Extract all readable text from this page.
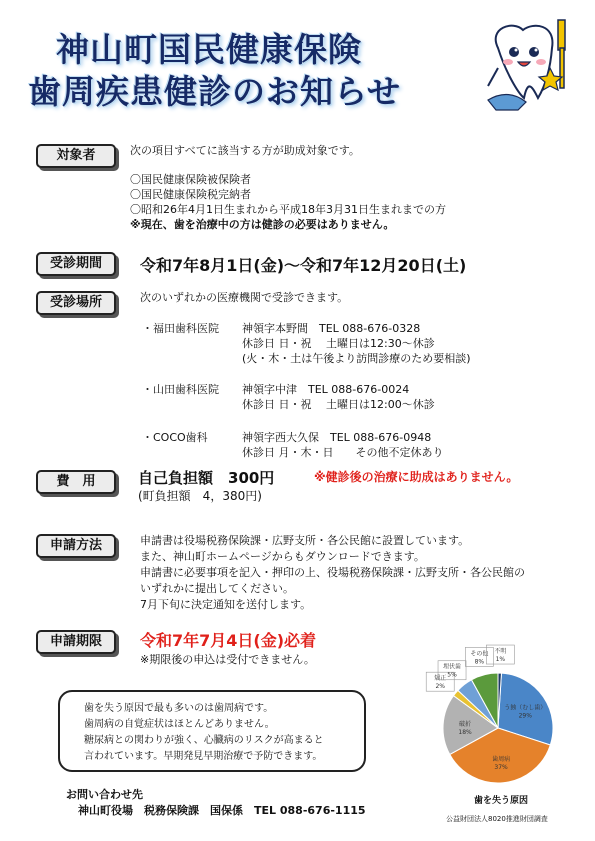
神山町国民健康保険
歯周疾患健診のお知らせ
対象者	次の項目すべてに該当する方が助成対象です。
〇国民健康保険被保険者
〇国民健康保険税完納者
〇昭和26年4月1日生まれから平成18年3月31日生まれまでの方
※現在、歯を治療中の方は健診の必要はありません。
受診期間	令和7年8月1日(金)～令和7年12月20日(土)
受診場所	次のいずれかの医療機関で受診できます。
・福田歯科医院 神領字本野間　TEL 088-676-0328
休診日 日・祝　 土曜日は12:30～休診
(火・木・土は午後より訪問診療のため要相談)
・山田歯科医院 神領字中津　TEL 088-676-0024
休診日 日・祝　 土曜日は12:00～休診
・COCO歯科	神領字西大久保　TEL 088-676-0948
休診日 月・木・日　　その他不定休あり
費　用	自己負担額　300円
(町負担額　4，380円)
※健診後の治療に助成はありません。
申請方法	申請書は役場税務保険課・広野支所・各公民館に設置しています。
また、神山町ホームページからもダウンロードできます。
申請書に必要事項を記入・押印の上、役場税務保険課・広野支所・各公民館の
いずれかに提出してください。
7月下旬に決定通知を送付します。
申請期限	令和7年7月4日(金)必着
※期限後の申込は受付できません。
歯を失う原因で最も多いのは歯周病です。
歯周病の自覚症状はほとんどありません。
糖尿病との関わりが強く、心臓病のリスクが高まると
言われています。早期発見早期治療で予防できます。
お問い合わせ先
神山町役場　税務保険課　国保係　TEL 088-676-1115
う蝕（むし歯）
29%
歯周病
37%
破折
18%
矯正
2%
埋伏歯
5%
その他
8%
不明
1%
歯を失う原因
公益財団法人8020推進財団調査
